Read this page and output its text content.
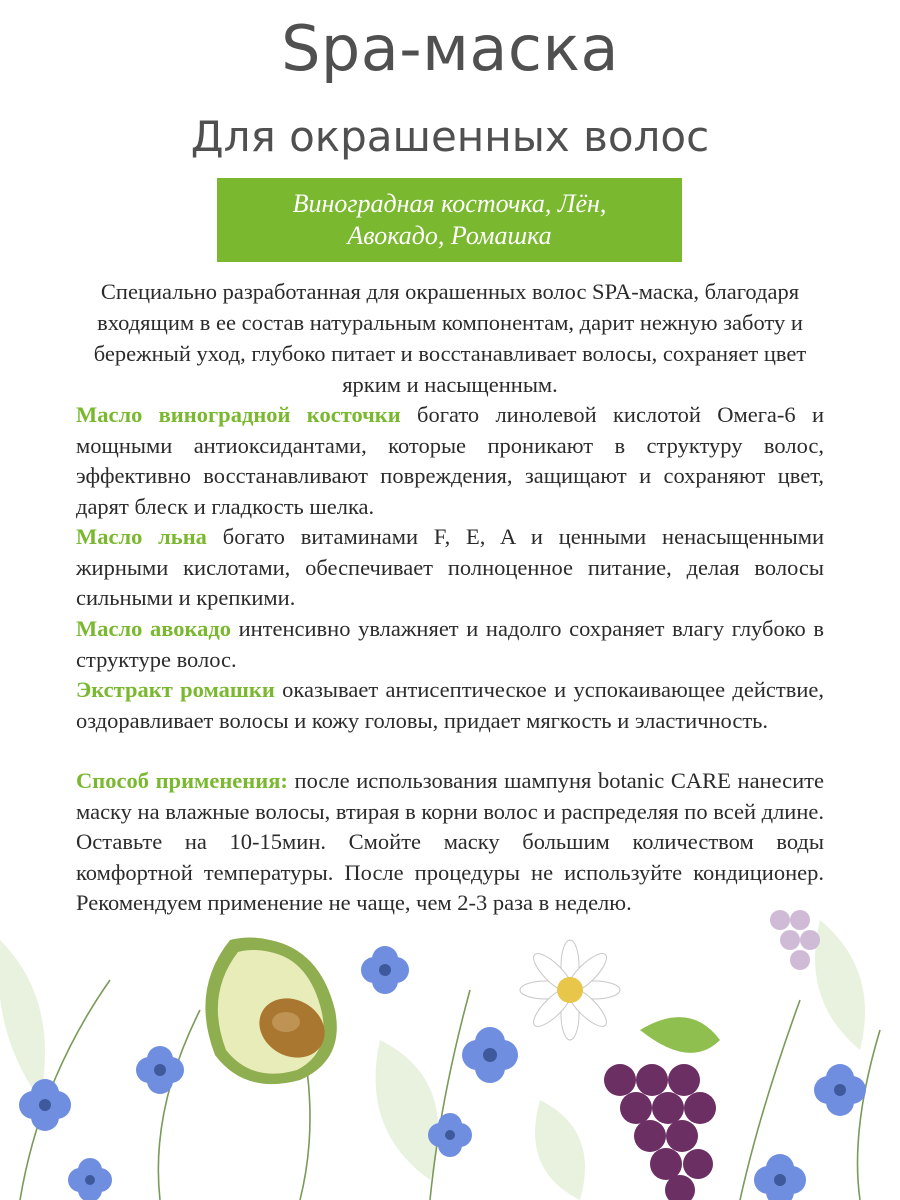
Spa-маска
Для окрашенных волос
Виноградная косточка, Лён,
Авокадо, Ромашка
Специально разработанная для окрашенных волос SPA-маска, благодаря входящим в ее состав натуральным компонентам, дарит нежную заботу и бережный уход, глубоко питает и восстанавливает волосы, сохраняет цвет ярким и насыщенным.
Масло виноградной косточки богато линолевой кислотой Омега-6 и мощными антиоксидантами, которые проникают в структуру волос, эффективно восстанавливают повреждения, защищают и сохраняют цвет, дарят блеск и гладкость шелка.
Масло льна богато витаминами F, E, A и ценными ненасыщенными жирными кислотами, обеспечивает полноценное питание, делая волосы сильными и крепкими.
Масло авокадо интенсивно увлажняет и надолго сохраняет влагу глубоко в структуре волос.
Экстракт ромашки оказывает антисептическое и успокаивающее действие, оздоравливает волосы и кожу головы, придает мягкость и эластичность.
Способ применения: после использования шампуня botanic CARE нанесите маску на влажные волосы, втирая в корни волос и распределяя по всей длине. Оставьте на 10-15мин. Смойте маску большим количеством воды комфортной температуры. После процедуры не используйте кондиционер. Рекомендуем применение не чаще, чем 2-3 раза в неделю.
